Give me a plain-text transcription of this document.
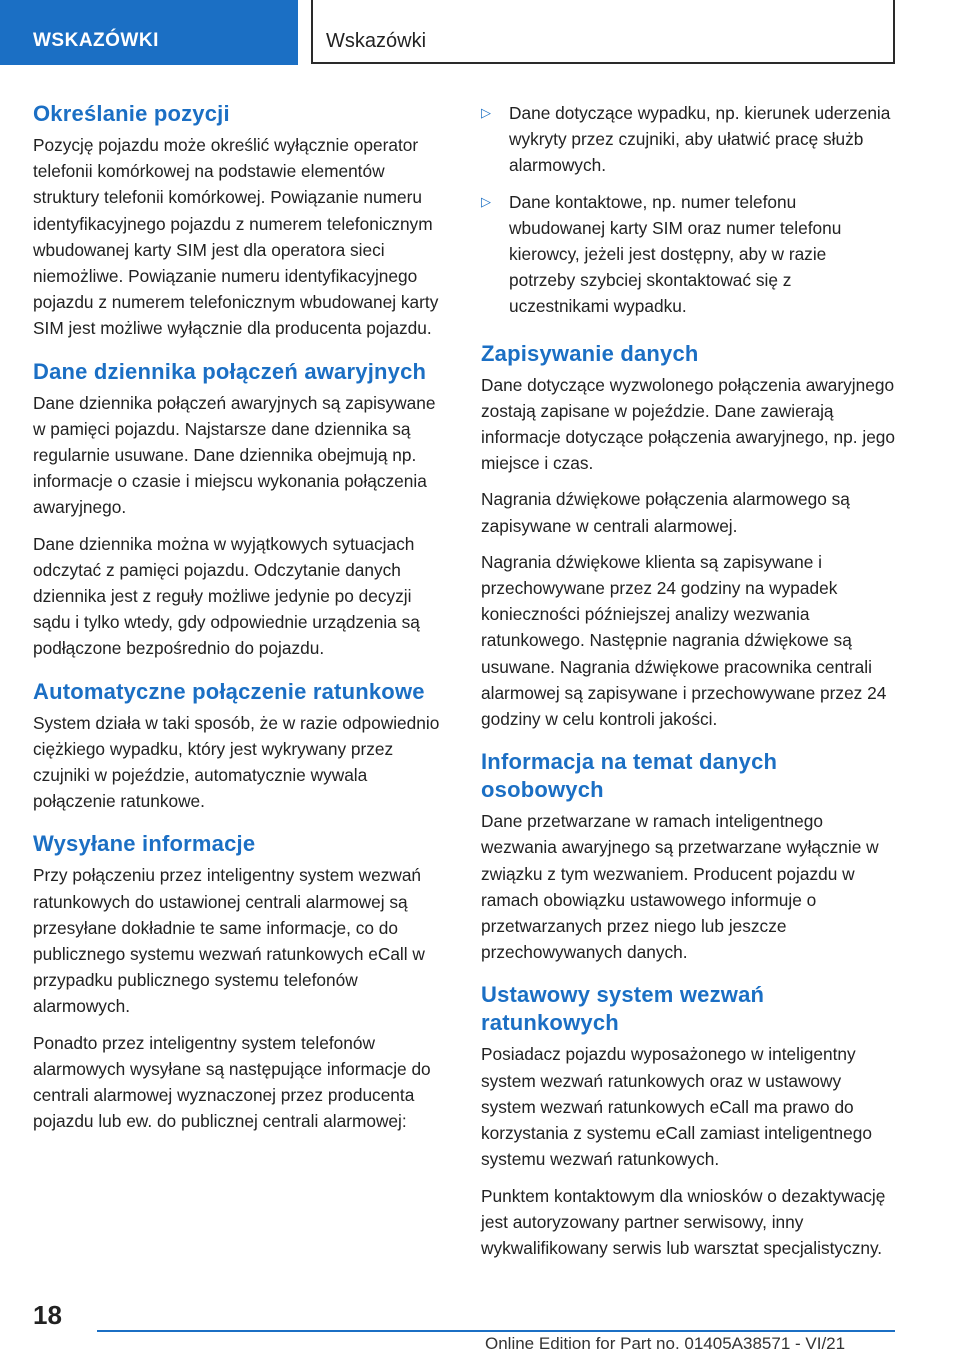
WSKAZÓWKI	Wskazówki
Określanie pozycji

Pozycję pojazdu może określić wyłącznie operator telefonii komórkowej na podstawie elementów struktury telefonii komórkowej. Powiązanie numeru identyfikacyjnego pojazdu z numerem telefonicznym wbudowanej karty SIM jest dla operatora sieci niemożliwe. Powiązanie numeru identyfikacyjnego pojazdu z numerem telefonicznym wbudowanej karty SIM jest możliwe wyłącznie dla producenta pojazdu.

Dane dziennika połączeń awaryjnych

Dane dziennika połączeń awaryjnych są zapisywane w pamięci pojazdu. Najstarsze dane dziennika są regularnie usuwane. Dane dziennika obejmują np. informacje o czasie i miejscu wykonania połączenia awaryjnego.

Dane dziennika można w wyjątkowych sytuacjach odczytać z pamięci pojazdu. Odczytanie danych dziennika jest z reguły możliwe jedynie po decyzji sądu i tylko wtedy, gdy odpowiednie urządzenia są podłączone bezpośrednio do pojazdu.

Automatyczne połączenie ratunkowe

System działa w taki sposób, że w razie odpowiednio ciężkiego wypadku, który jest wykrywany przez czujniki w pojeździe, automatycznie wywala połączenie ratunkowe.

Wysyłane informacje

Przy połączeniu przez inteligentny system wezwań ratunkowych do ustawionej centrali alarmowej są przesyłane dokładnie te same informacje, co do publicznego systemu wezwań ratunkowych eCall w przypadku publicznego systemu telefonów alarmowych.

Ponadto przez inteligentny system telefonów alarmowych wysyłane są następujące informacje do centrali alarmowej wyznaczonej przez producenta pojazdu lub ew. do publicznej centrali alarmowej:

▷ Dane dotyczące wypadku, np. kierunek uderzenia wykryty przez czujniki, aby ułatwić pracę służb alarmowych.
▷ Dane kontaktowe, np. numer telefonu wbudowanej karty SIM oraz numer telefonu kierowcy, jeżeli jest dostępny, aby w razie potrzeby szybciej skontaktować się z uczestnikami wypadku.
Zapisywanie danych

Dane dotyczące wyzwolonego połączenia awaryjnego zostają zapisane w pojeździe. Dane zawierają informacje dotyczące połączenia awaryjnego, np. jego miejsce i czas.

Nagrania dźwiękowe połączenia alarmowego są zapisywane w centrali alarmowej.

Nagrania dźwiękowe klienta są zapisywane i przechowywane przez 24 godziny na wypadek konieczności późniejszej analizy wezwania ratunkowego. Następnie nagrania dźwiękowe są usuwane. Nagrania dźwiękowe pracownika centrali alarmowej są zapisywane i przechowywane przez 24 godziny w celu kontroli jakości.

Informacja na temat danych osobowych

Dane przetwarzane w ramach inteligentnego wezwania awaryjnego są przetwarzane wyłącznie w związku z tym wezwaniem. Producent pojazdu w ramach obowiązku ustawowego informuje o przetwarzanych przez niego lub jeszcze przechowywanych danych.

Ustawowy system wezwań ratunkowych

Posiadacz pojazdu wyposażonego w inteligentny system wezwań ratunkowych oraz w ustawowy system wezwań ratunkowych eCall ma prawo do korzystania z systemu eCall zamiast inteligentnego systemu wezwań ratunkowych.

Punktem kontaktowym dla wniosków o dezaktywację jest autoryzowany partner serwisowy, inny wykwalifikowany serwis lub warsztat specjalistyczny.

18
Online Edition for Part no. 01405A38571 - VI/21
